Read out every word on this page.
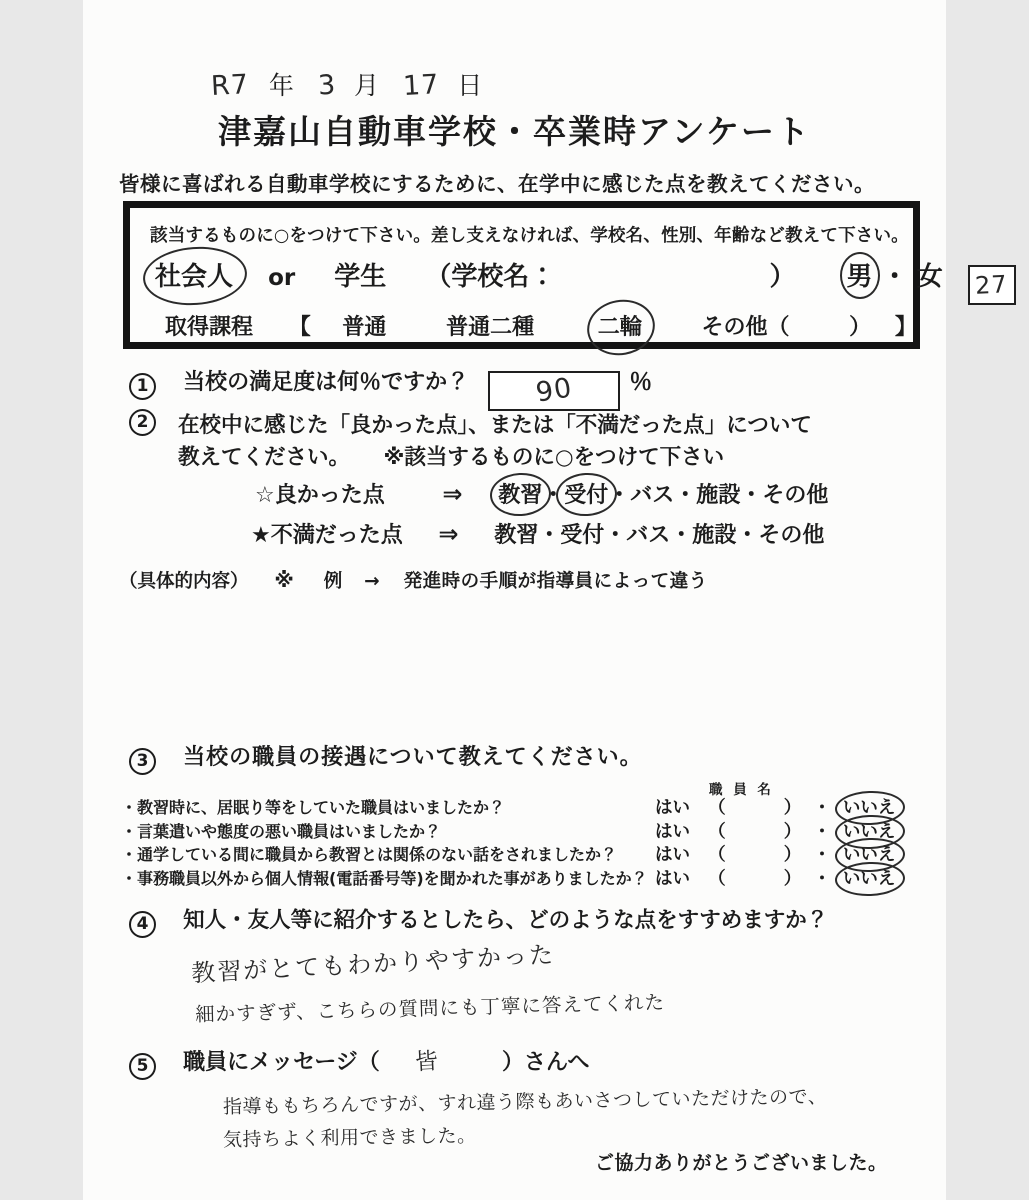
R7 年 3 月 17 日
津嘉山自動車学校・卒業時アンケート
皆様に喜ばれる自動車学校にするために、在学中に感じた点を教えてください。
該当するものに○をつけて下さい。差し支えなければ、学校名、性別、年齢など教えて下さい。
社会人 or 学生 （学校名：	） 男 ・ 女 27
取得課程 【 普通	普通二種	二輪	その他（	） 】
1 当校の満足度は何％ですか？ 90 ％
2	在校中に感じた「良かった点」、または「不満だった点」について
教えてください。 ※該当するものに○をつけて下さい
☆良かった点 ⇒ 教習・受付・バス・施設・その他
★不満だった点 ⇒ 教習・受付・バス・施設・その他
（具体的内容） ※ 例 → 発進時の手順が指導員によって違う
3 当校の職員の接遇について教えてください。
職 員 名
・教習時に、居眠り等をしていた職員はいましたか？	はい （	） ・ いいえ
・言葉遣いや態度の悪い職員はいましたか？	はい （	） ・ いいえ
・通学している間に職員から教習とは関係のない話をされましたか？ はい （	） ・ いいえ
・事務職員以外から個人情報(電話番号等)を聞かれた事がありましたか？ はい （	） ・ いいえ
4 知人・友人等に紹介するとしたら、どのような点をすすめますか？
教習がとてもわかりやすかった
細かすぎず、こちらの質問にも丁寧に答えてくれた
5 職員にメッセージ（ 皆	）さんへ
指導ももちろんですが、すれ違う際もあいさつしていただけたので、
気持ちよく利用できました。
ご協力ありがとうございました。
